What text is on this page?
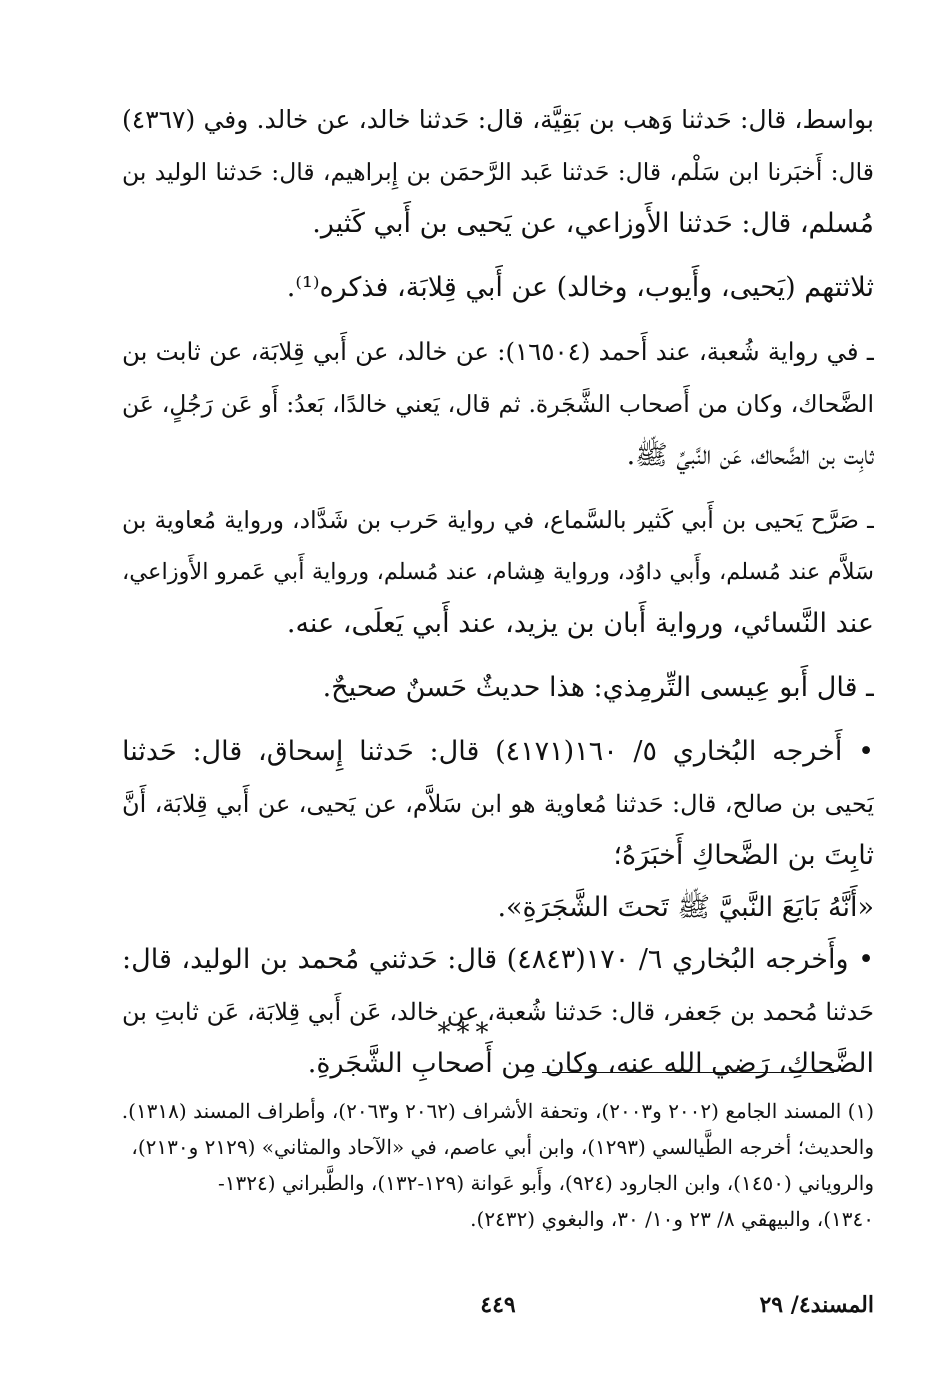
بواسط، قال: حَدثنا وَهب بن بَقِيَّة، قال: حَدثنا خالد، عن خالد. وفي (٤٣٦٧)
قال: أَخبَرنا ابن سَلْم، قال: حَدثنا عَبد الرَّحمَن بن إِبراهيم، قال: حَدثنا الوليد بن
مُسلم، قال: حَدثنا الأَوزاعي، عن يَحيى بن أَبي كَثير.
ثلاثتهم (يَحيى، وأَيوب، وخالد) عن أَبي قِلابَة، فذكره⁽¹⁾.
ـ في رواية شُعبة، عند أَحمد (١٦٥٠٤): عن خالد، عن أَبي قِلابَة، عن ثابت بن
الضَّحاك، وكان من أَصحاب الشَّجَرة. ثم قال، يَعني خالدًا، بَعدُ: أَو عَن رَجُلٍ، عَن
ثابِت بن الضَّحاك، عَن النَّبيِّ ﷺ.
ـ صَرَّح يَحيى بن أَبي كَثير بالسَّماع، في رواية حَرب بن شَدَّاد، ورواية مُعاوية بن
سَلاَّم عند مُسلم، وأَبي داوُد، ورواية هِشام، عند مُسلم، ورواية أَبي عَمرو الأَوزاعي،
عند النَّسائي، ورواية أَبان بن يزيد، عند أَبي يَعلَى، عنه.
ـ قال أَبو عِيسى التِّرمِذي: هذا حديثٌ حَسنٌ صحيحٌ.
• أَخرجه البُخاري ٥/ ١٦٠(٤١٧١) قال: حَدثنا إِسحاق، قال: حَدثنا
يَحيى بن صالح، قال: حَدثنا مُعاوية هو ابن سَلاَّم، عن يَحيى، عن أَبي قِلابَة، أَنَّ
ثابِتَ بن الضَّحاكِ أَخبَرَهُ؛
«أَنَّهُ بَايَعَ النَّبيَّ ﷺ تَحتَ الشَّجَرَةِ».
• وأَخرجه البُخاري ٦/ ١٧٠(٤٨٤٣) قال: حَدثني مُحمد بن الوليد، قال:
حَدثنا مُحمد بن جَعفر، قال: حَدثنا شُعبة، عن خالد، عَن أَبي قِلابَة، عَن ثابتِ بن
الضَّحاكِ، رَضي الله عنه، وكان مِن أَصحابِ الشَّجَرةِ.
***
(١) المسند الجامع (٢٠٠٢ و٢٠٠٣)، وتحفة الأشراف (٢٠٦٢ و٢٠٦٣)، وأطراف المسند (١٣١٨).
والحديث؛ أخرجه الطَّيالسي (١٢٩٣)، وابن أبي عاصم، في «الآحاد والمثاني» (٢١٢٩ و٢١٣٠)،
والروياني (١٤٥٠)، وابن الجارود (٩٢٤)، وأَبو عَوانة (١٢٩-١٣٢)، والطَّبراني (١٣٢٤-
١٣٤٠)، والبيهقي ٨/ ٢٣ و١٠/ ٣٠، والبغوي (٢٤٣٢).
المسند٤/ ٢٩
٤٤٩
